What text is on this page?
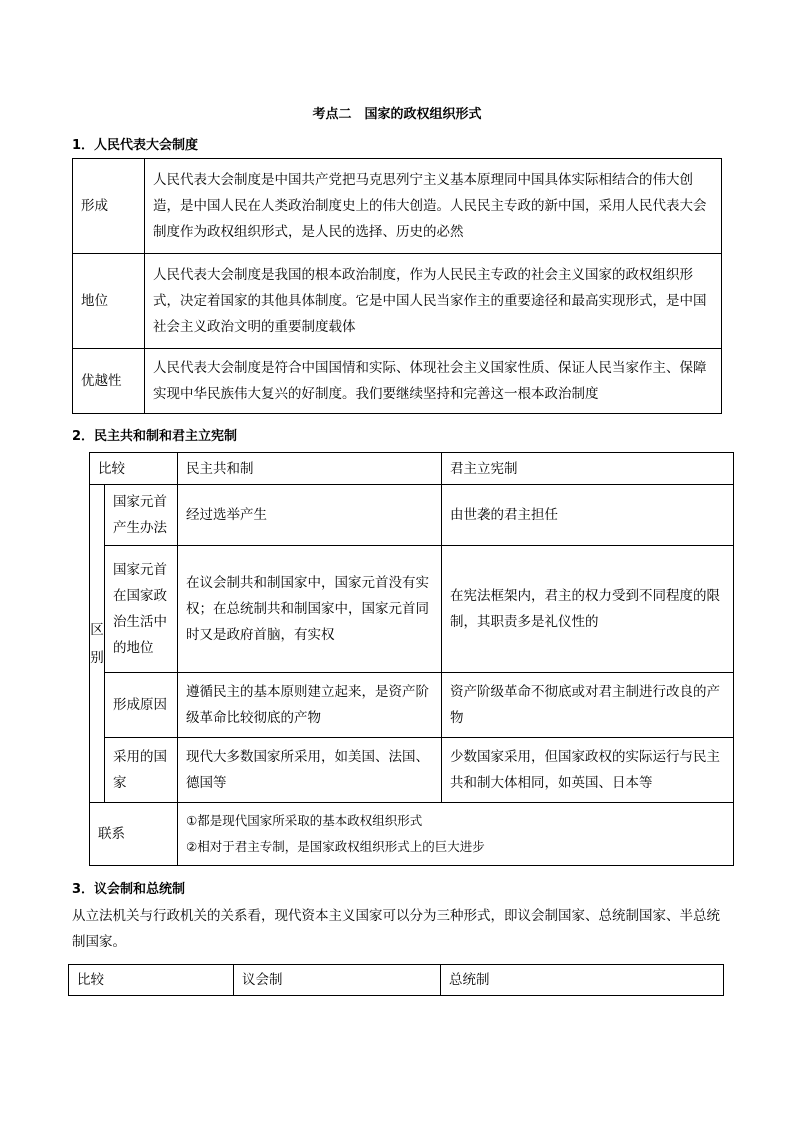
考点二　国家的政权组织形式
1．人民代表大会制度
形成	人民代表大会制度是中国共产党把马克思列宁主义基本原理同中国具体实际相结合的伟大创造，是中国人民在人类政治制度史上的伟大创造。人民民主专政的新中国，采用人民代表大会制度作为政权组织形式，是人民的选择、历史的必然
地位	人民代表大会制度是我国的根本政治制度，作为人民民主专政的社会主义国家的政权组织形式，决定着国家的其他具体制度。它是中国人民当家作主的重要途径和最高实现形式，是中国社会主义政治文明的重要制度载体
优越性	人民代表大会制度是符合中国国情和实际、体现社会主义国家性质、保证人民当家作主、保障实现中华民族伟大复兴的好制度。我们要继续坚持和完善这一根本政治制度
2．民主共和制和君主立宪制
比较		民主共和制	君主立宪制
区别	国家元首产生办法	经过选举产生	由世袭的君主担任
	国家元首在国家政治生活中的地位	在议会制共和制国家中，国家元首没有实权；在总统制共和制国家中，国家元首同时又是政府首脑，有实权	在宪法框架内，君主的权力受到不同程度的限制，其职责多是礼仪性的
	形成原因	遵循民主的基本原则建立起来，是资产阶级革命比较彻底的产物	资产阶级革命不彻底或对君主制进行改良的产物
	采用的国家	现代大多数国家所采用，如美国、法国、德国等	少数国家采用，但国家政权的实际运行与民主共和制大体相同，如英国、日本等
联系		①都是现代国家所采取的基本政权组织形式
②相对于君主专制，是国家政权组织形式上的巨大进步	
3．议会制和总统制
从立法机关与行政机关的关系看，现代资本主义国家可以分为三种形式，即议会制国家、总统制国家、半总统制国家。
比较	议会制	总统制
